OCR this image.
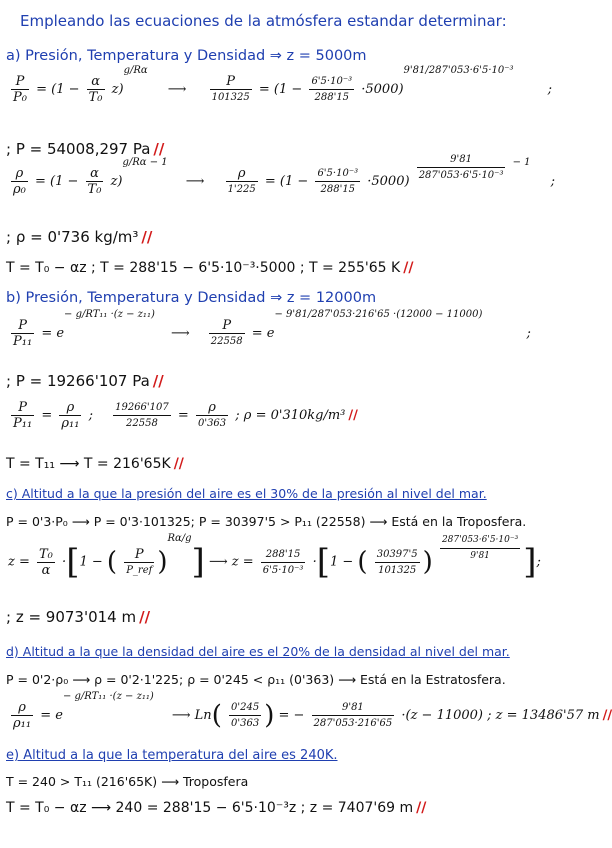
Empleando las ecuaciones de la atmósfera estandar determinar:
a) Presión, Temperatura y Densidad ⇒ z = 5000m
$\frac{P}{\text{P₀}} = (1 - \frac{\alpha}{\text{T₀}} z)^{g/R\alpha}$ ⟶ $\frac{P}{101325} = (1 - \frac{\text{6'5·10⁻³}}{288'15} \cdot 5000)^{9'81/287'053\cdot 6'5\cdot 10^{-3}}$ ;
; P = 54008,297 Pa //
$\frac{\rho}{\text{ρ₀}} = (1 - \frac{\alpha}{\text{T₀}} z)^{g/R\alpha - 1}$ ⟶ $\frac{\rho}{1'225} = (1 - \frac{\text{6'5·10⁻³}}{288'15} \cdot 5000) \frac{9'81}{\text{287'053·6'5·10⁻³}} ^{- 1}$ ;
; ρ = 0'736 kg/m³ //
T = T₀ − αz ; T = 288'15 − 6'5·10⁻³·5000 ; T = 255'65 K //
b) Presión, Temperatura y Densidad ⇒ z = 12000m
$\frac{P}{\text{P₁₁}} = e^{- g/RT_{11} \cdot(z - z_{11})}$ ⟶ $\frac{P}{22558} = e^{- 9'81/287'053\cdot 216'65 \cdot(12000 - 11000)}$ ;
; P = 19266'107 Pa //
$\frac{P}{\text{P₁₁}} = \frac{\rho}{\text{ρ₁₁}}$ ; $\frac{19266'107}{22558} = \frac{\rho}{0'363}$ ; ρ = 0'310kg/m³ //
T = T₁₁ ⟶ T = 216'65K //
c) Altitud a la que la presión del aire es el 30% de la presión al nivel del mar.
P = 0'3·P₀ ⟶ P = 0'3·101325; P = 30397'5 > P₁₁ (22558) ⟶ Está en la Troposfera.
$z = \frac{\text{T₀}}{\alpha} \cdot[1$ − ( $\frac{P}{\text{P\_ref}} )^{R\alpha/g}$] ⟶ $z = \frac{288'15}{\text{6'5·10⁻³}} \cdot[1$ − ( $\frac{30397'5}{101325}$ ) $\frac{\text{287'053·6'5·10⁻³}}{9'81}$ ];
; z = 9073'014 m //
d) Altitud a la que la densidad del aire es el 20% de la densidad al nivel del mar.
P = 0'2·ρ₀ ⟶ ρ = 0'2·1'225; ρ = 0'245 < ρ₁₁ (0'363) ⟶ Está en la Estratosfera.
$\frac{\rho}{\text{ρ₁₁}} = e^{- g/RT_{11} \cdot(z - z_{11})}$ ⟶ $Ln( \frac{0'245}{0'363}$ ) = − $\frac{9'81}{287'053\cdot 216'65} \cdot(z - 11000)$ ; z = 13486'57 m //
e) Altitud a la que la temperatura del aire es 240K.
T = 240 > T₁₁ (216'65K) ⟶ Troposfera
T = T₀ − αz ⟶ 240 = 288'15 − 6'5·10⁻³z ; z = 7407'69 m //
